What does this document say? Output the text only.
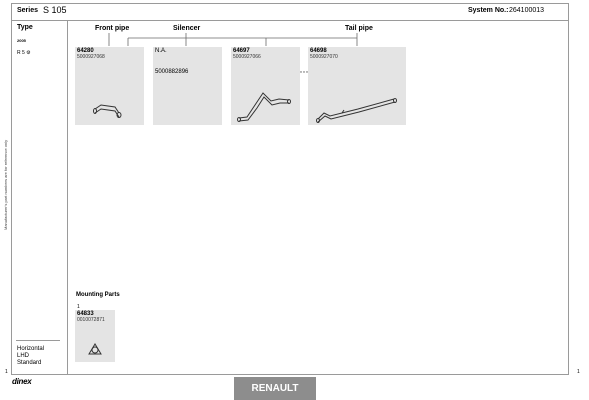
Series S 105	System No.: 264100013
Type
2005
R 5 ⚙
Horizontal
LHD
Standard
Manufacturer's part numbers are for reference only
Front pipe	Silencer	Tail pipe
64280
5000927068
N.A.
5000882896
64697
5000927066
64698
5000927070
Mounting Parts
1
64833
0010072871
dinex
1	1
RENAULT
